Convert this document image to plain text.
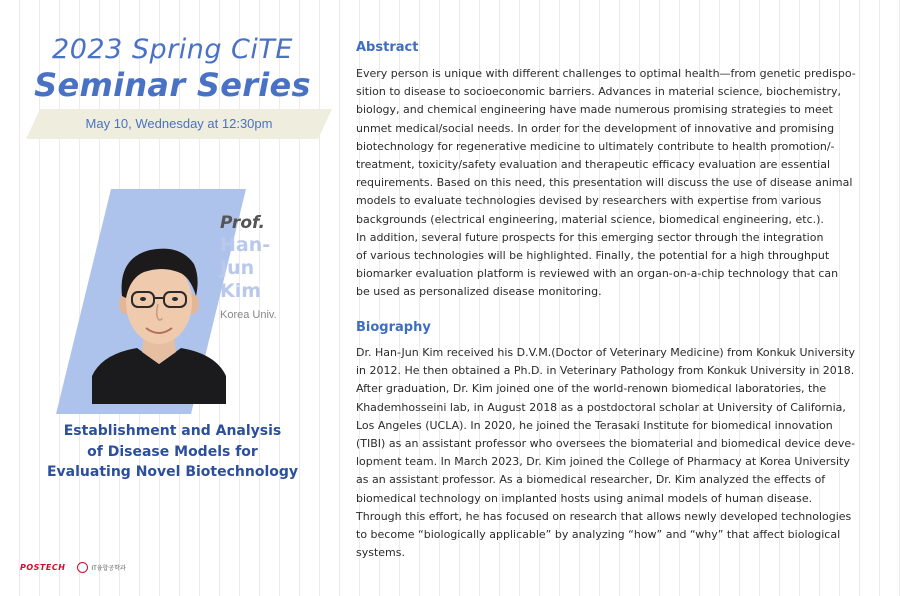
2023 Spring CiTE
Seminar Series
May 10, Wednesday at 12:30pm
Prof.
Han-
Jun
Kim
Korea Univ.
Establishment and Analysis
of Disease Models for
Evaluating Novel Biotechnology
POSTECH	IT융합공학과
Abstract
Every person is unique with different challenges to optimal health—from genetic predispo-
sition to disease to socioeconomic barriers. Advances in material science, biochemistry,
biology, and chemical engineering have made numerous promising strategies to meet
unmet medical/social needs. In order for the development of innovative and promising
biotechnology for regenerative medicine to ultimately contribute to health promotion/-
treatment, toxicity/safety evaluation and therapeutic efficacy evaluation are essential
requirements. Based on this need, this presentation will discuss the use of disease animal
models to evaluate technologies devised by researchers with expertise from various
backgrounds (electrical engineering, material science, biomedical engineering, etc.).
In addition, several future prospects for this emerging sector through the integration
of various technologies will be highlighted. Finally, the potential for a high throughput
biomarker evaluation platform is reviewed with an organ-on-a-chip technology that can
be used as personalized disease monitoring.
Biography
Dr. Han-Jun Kim received his D.V.M.(Doctor of Veterinary Medicine) from Konkuk University
in 2012. He then obtained a Ph.D. in Veterinary Pathology from Konkuk University in 2018.
After graduation, Dr. Kim joined one of the world-renown biomedical laboratories, the
Khademhosseini lab, in August 2018 as a postdoctoral scholar at University of California,
Los Angeles (UCLA). In 2020, he joined the Terasaki Institute for biomedical innovation
(TIBI) as an assistant professor who oversees the biomaterial and biomedical device deve-
lopment team. In March 2023, Dr. Kim joined the College of Pharmacy at Korea University
as an assistant professor. As a biomedical researcher, Dr. Kim analyzed the effects of
biomedical technology on implanted hosts using animal models of human disease.
Through this effort, he has focused on research that allows newly developed technologies
to become “biologically applicable” by analyzing “how” and “why” that affect biological
systems.
